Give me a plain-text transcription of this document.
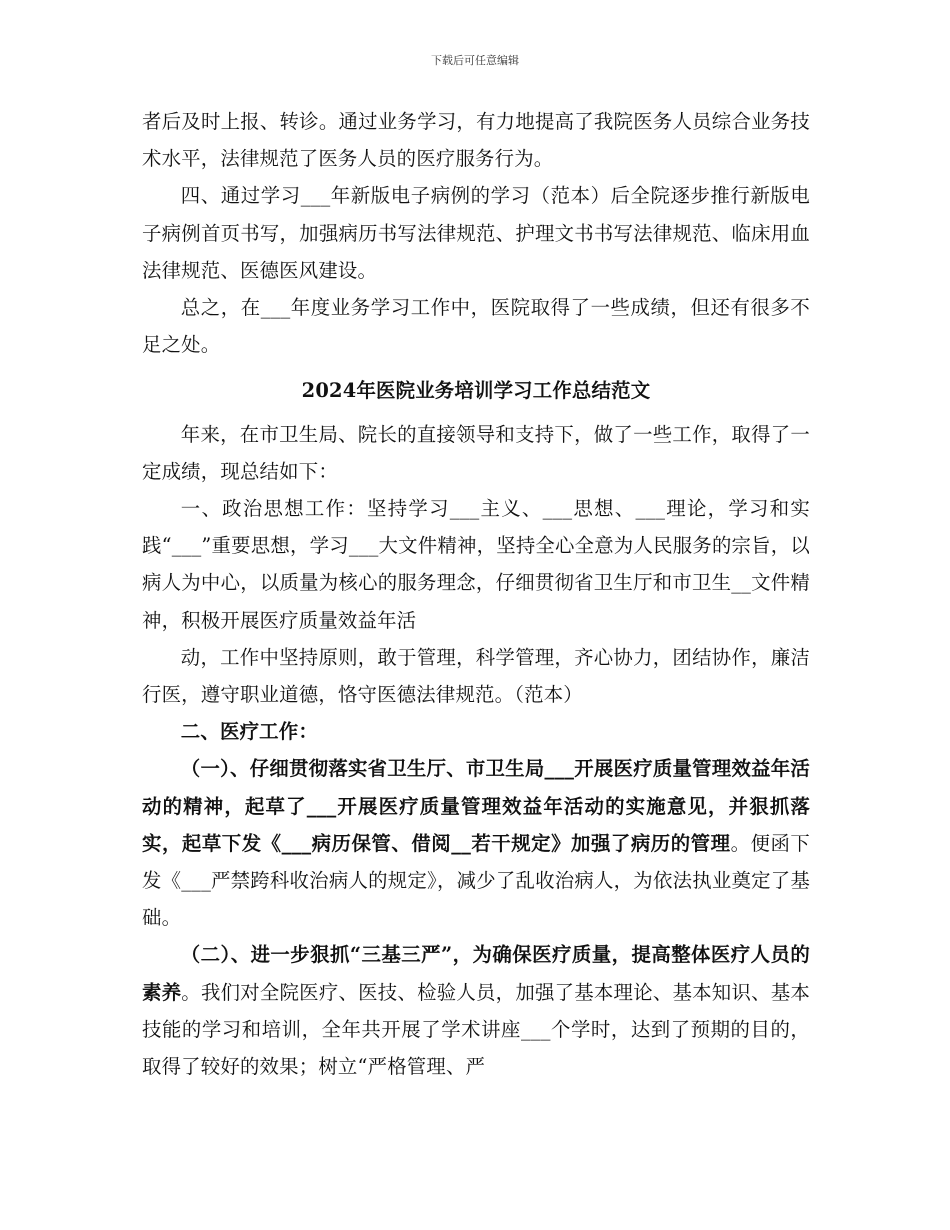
下载后可任意编辑

者后及时上报、转诊。通过业务学习，有力地提高了我院医务人员综合业务技术水平，法律规范了医务人员的医疗服务行为。

四、通过学习___年新版电子病例的学习（范本）后全院逐步推行新版电子病例首页书写，加强病历书写法律规范、护理文书书写法律规范、临床用血法律规范、医德医风建设。

总之，在___年度业务学习工作中，医院取得了一些成绩，但还有很多不足之处。

2024年医院业务培训学习工作总结范文

年来，在市卫生局、院长的直接领导和支持下，做了一些工作，取得了一定成绩，现总结如下：

一、政治思想工作：坚持学习___主义、___思想、___理论，学习和实践“___”重要思想，学习___大文件精神，坚持全心全意为人民服务的宗旨，以病人为中心，以质量为核心的服务理念，仔细贯彻省卫生厅和市卫生__文件精神，积极开展医疗质量效益年活

动，工作中坚持原则，敢于管理，科学管理，齐心协力，团结协作，廉洁行医，遵守职业道德，恪守医德法律规范。（范本）

二、医疗工作：

（一）、仔细贯彻落实省卫生厅、市卫生局___开展医疗质量管理效益年活动的精神，起草了___开展医疗质量管理效益年活动的实施意见，并狠抓落实，起草下发《___病历保管、借阅__若干规定》加强了病历的管理。便函下发《___严禁跨科收治病人的规定》，减少了乱收治病人，为依法执业奠定了基础。

（二）、进一步狠抓“三基三严”，为确保医疗质量，提高整体医疗人员的素养。我们对全院医疗、医技、检验人员，加强了基本理论、基本知识、基本技能的学习和培训，全年共开展了学术讲座___个学时，达到了预期的目的，取得了较好的效果；树立“严格管理、严
